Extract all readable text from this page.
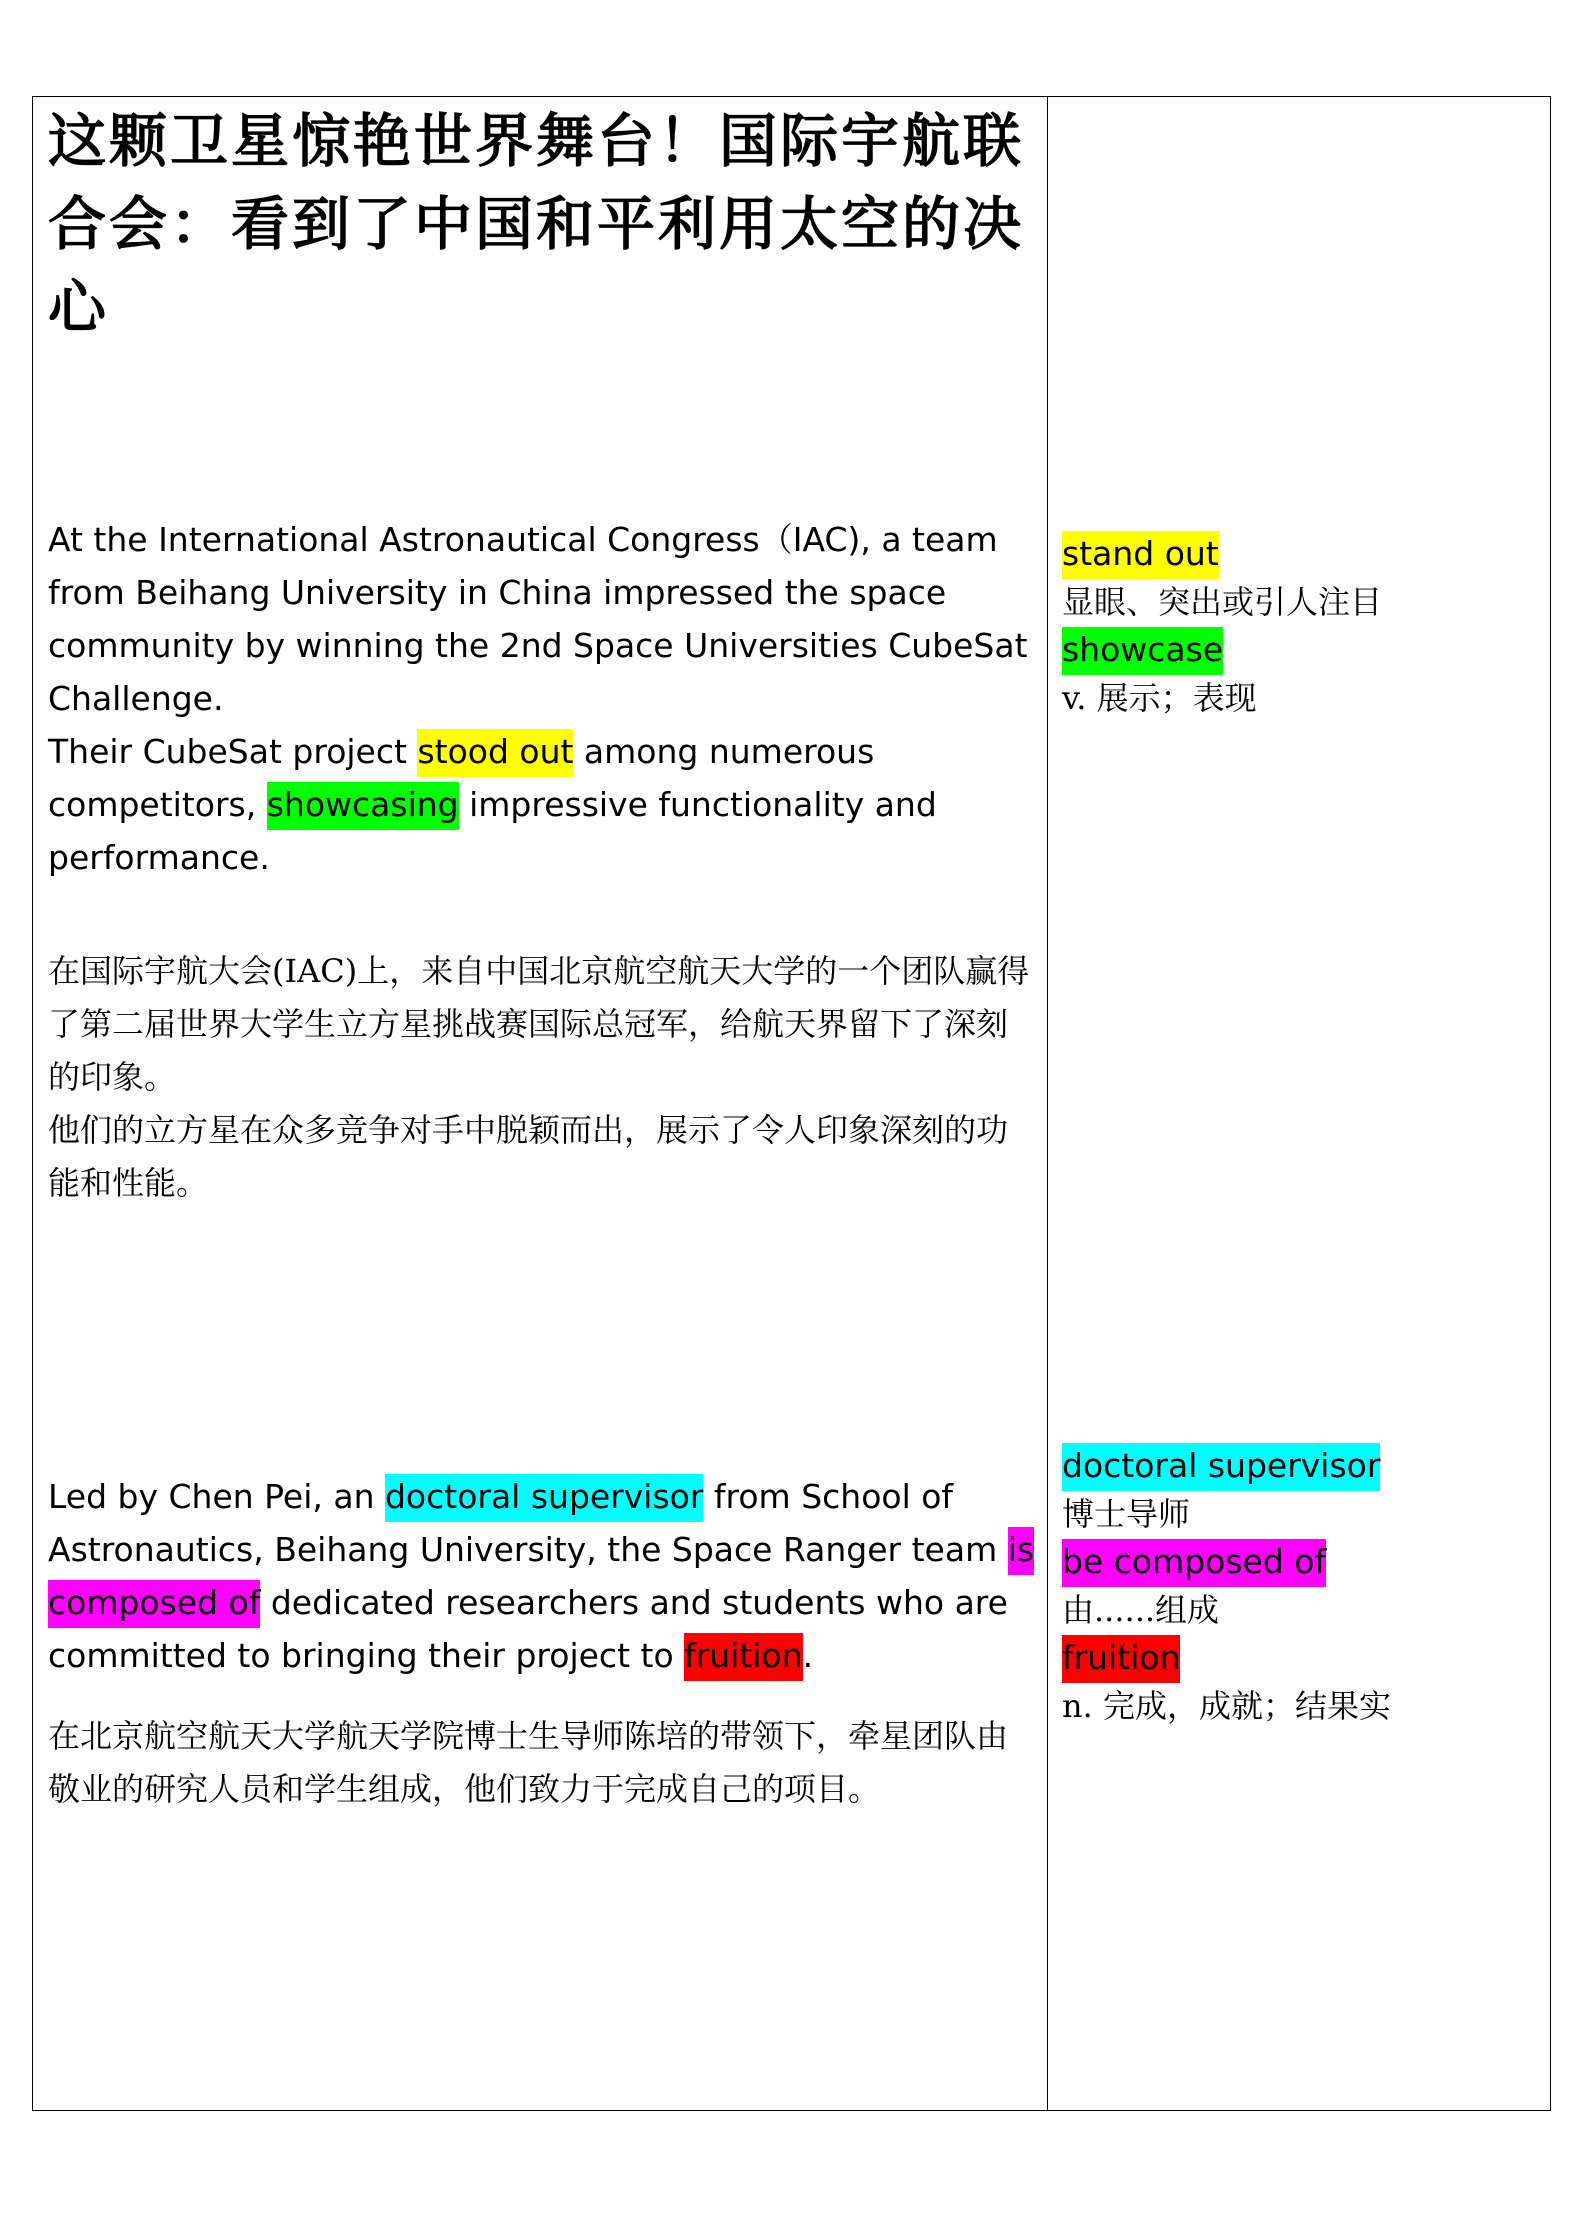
这颗卫星惊艳世界舞台！国际宇航联合会：看到了中国和平利用太空的决心

At the International Astronautical Congress（IAC), a team from Beihang University in China impressed the space community by winning the 2nd Space Universities CubeSat Challenge.
Their CubeSat project stood out among numerous competitors, showcasing impressive functionality and performance.

在国际宇航大会(IAC)上，来自中国北京航空航天大学的一个团队赢得了第二届世界大学生立方星挑战赛国际总冠军，给航天界留下了深刻的印象。
他们的立方星在众多竞争对手中脱颖而出，展示了令人印象深刻的功能和性能。

Led by Chen Pei, an doctoral supervisor from School of Astronautics, Beihang University, the Space Ranger team is composed of dedicated researchers and students who are committed to bringing their project to fruition.

在北京航空航天大学航天学院博士生导师陈培的带领下，牵星团队由敬业的研究人员和学生组成，他们致力于完成自己的项目。

stand out
显眼、突出或引人注目
showcase
v. 展示；表现
doctoral supervisor
博士导师
be composed of
由......组成
fruition
n. 完成，成就；结果实
